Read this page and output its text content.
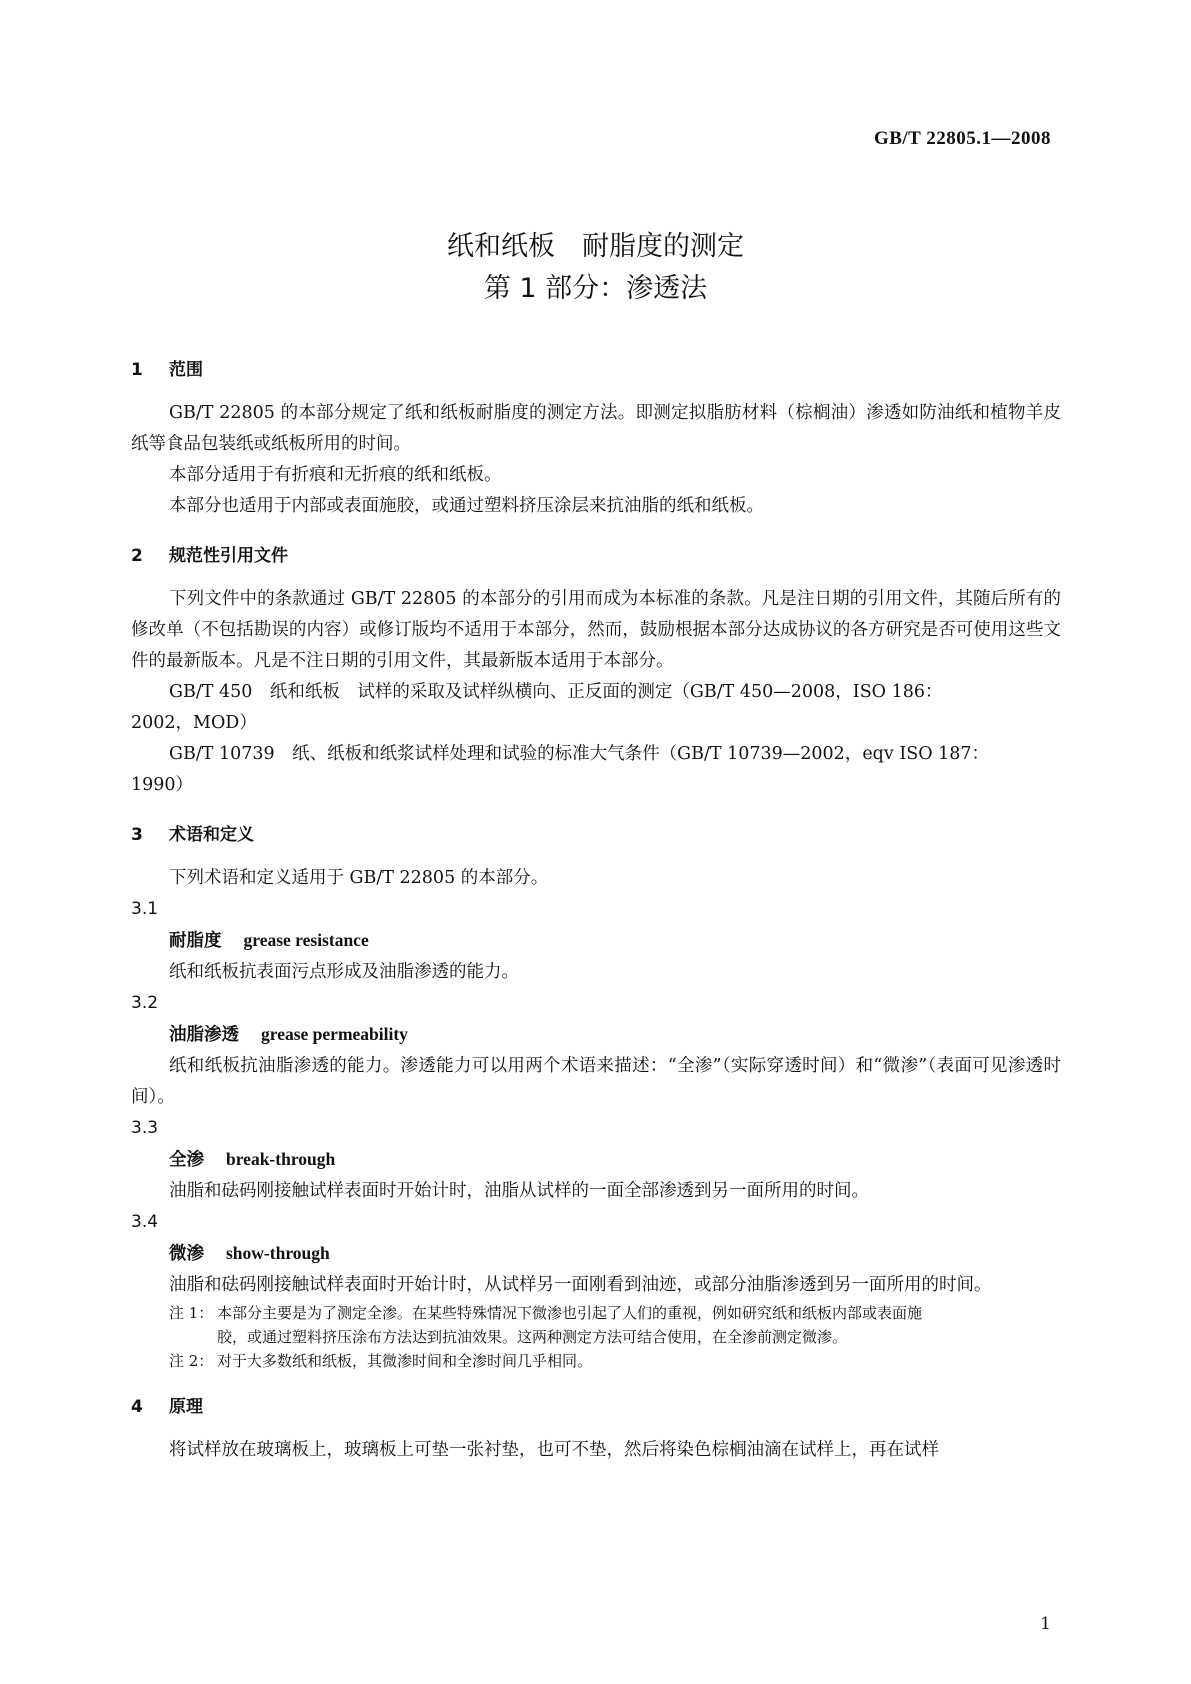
GB/T 22805.1—2008
纸和纸板　耐脂度的测定
第 1 部分：渗透法
1 范围

GB/T 22805 的本部分规定了纸和纸板耐脂度的测定方法。即测定拟脂肪材料（棕榈油）渗透如防油纸和植物羊皮纸等食品包装纸或纸板所用的时间。

本部分适用于有折痕和无折痕的纸和纸板。

本部分也适用于内部或表面施胶，或通过塑料挤压涂层来抗油脂的纸和纸板。

2 规范性引用文件

下列文件中的条款通过 GB/T 22805 的本部分的引用而成为本标准的条款。凡是注日期的引用文件，其随后所有的修改单（不包括勘误的内容）或修订版均不适用于本部分，然而，鼓励根据本部分达成协议的各方研究是否可使用这些文件的最新版本。凡是不注日期的引用文件，其最新版本适用于本部分。

GB/T 450　纸和纸板　试样的采取及试样纵横向、正反面的测定（GB/T 450—2008，ISO 186：

2002，MOD）

GB/T 10739　纸、纸板和纸浆试样处理和试验的标准大气条件（GB/T 10739—2002，eqv ISO 187：

1990）

3 术语和定义

下列术语和定义适用于 GB/T 22805 的本部分。

3.1
耐脂度 grease resistance

纸和纸板抗表面污点形成及油脂渗透的能力。

3.2
油脂渗透 grease permeability

纸和纸板抗油脂渗透的能力。渗透能力可以用两个术语来描述：“全渗”（实际穿透时间）和“微渗”（表面可见渗透时间）。

3.3
全渗 break-through

油脂和砝码刚接触试样表面时开始计时，油脂从试样的一面全部渗透到另一面所用的时间。

3.4
微渗 show-through

油脂和砝码刚接触试样表面时开始计时，从试样另一面刚看到油迹，或部分油脂渗透到另一面所用的时间。

注 1： 本部分主要是为了测定全渗。在某些特殊情况下微渗也引起了人们的重视，例如研究纸和纸板内部或表面施
胶，或通过塑料挤压涂布方法达到抗油效果。这两种测定方法可结合使用，在全渗前测定微渗。
注 2： 对于大多数纸和纸板，其微渗时间和全渗时间几乎相同。
4 原理

将试样放在玻璃板上，玻璃板上可垫一张衬垫，也可不垫，然后将染色棕榈油滴在试样上，再在试样

1
